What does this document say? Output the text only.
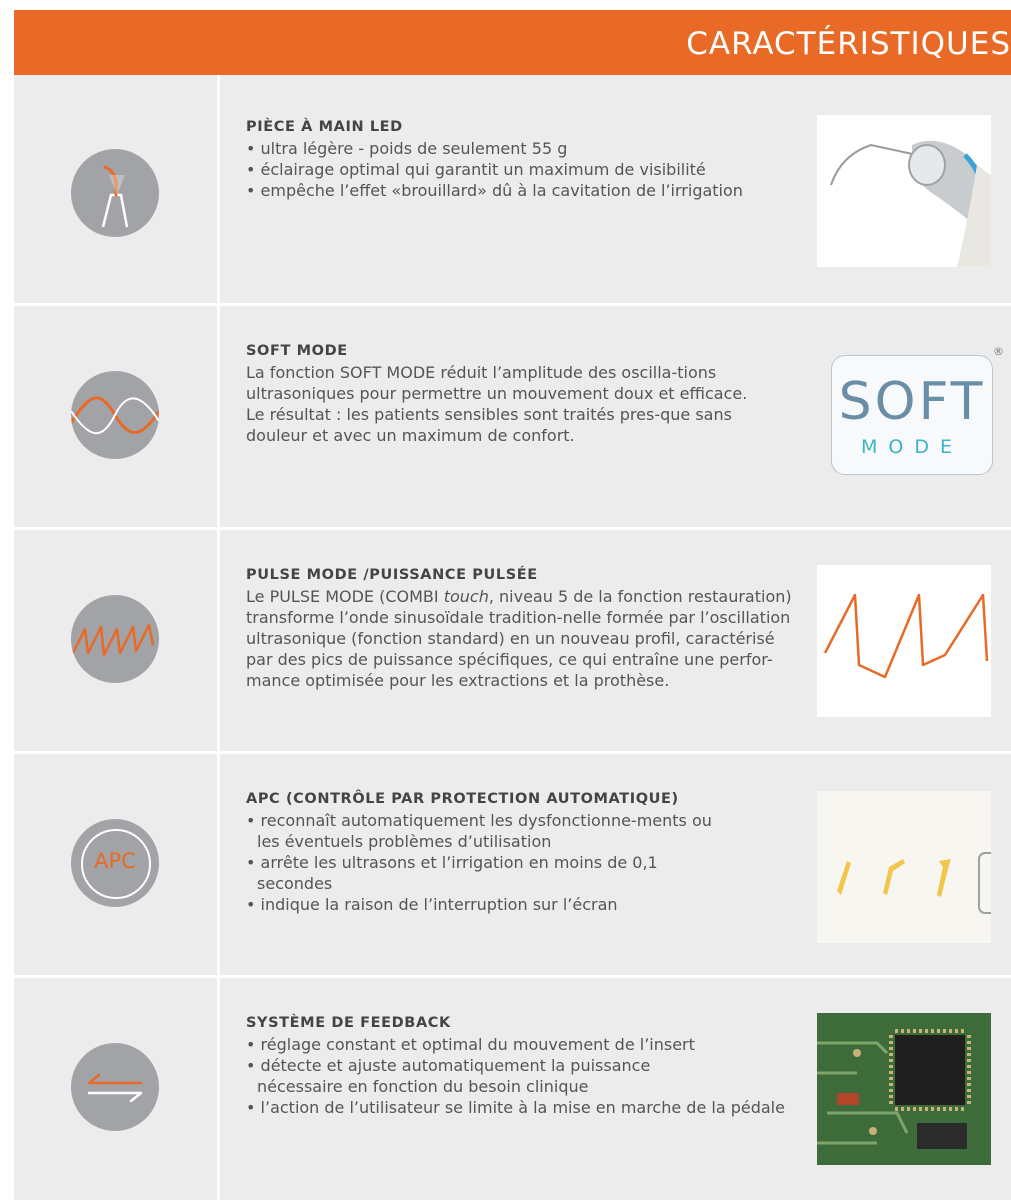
CARACTÉRISTIQUES
PIÈCE À MAIN LED
• ultra légère - poids de seulement 55 g
• éclairage optimal qui garantit un maximum de visibilité
• empêche l’effet «brouillard» dû à la cavitation de l’irrigation
SOFT MODE

La fonction SOFT MODE réduit l’amplitude des oscilla-tions ultrasoniques pour permettre un mouvement doux et efficace.

Le résultat : les patients sensibles sont traités pres-que sans douleur et avec un maximum de confort.

SOFT
MODE
®
PULSE MODE /PUISSANCE PULSÉE

Le PULSE MODE (COMBI touch, niveau 5 de la fonction restauration) transforme l’onde sinusoïdale tradition-nelle formée par l’oscillation ultrasonique (fonction standard) en un nouveau profil, caractérisé par des pics de puissance spécifiques, ce qui entraîne une perfor-mance optimisée pour les extractions et la prothèse.

APC
APC (CONTRÔLE PAR PROTECTION AUTOMATIQUE)
• reconnaît automatiquement les dysfonctionne-ments ou les éventuels problèmes d’utilisation
• arrête les ultrasons et l’irrigation en moins de 0,1 secondes
• indique la raison de l’interruption sur l’écran
SYSTÈME DE FEEDBACK
• réglage constant et optimal du mouvement de l’insert
• détecte et ajuste automatiquement la puissance nécessaire en fonction du besoin clinique
• l’action de l’utilisateur se limite à la mise en marche de la pédale
